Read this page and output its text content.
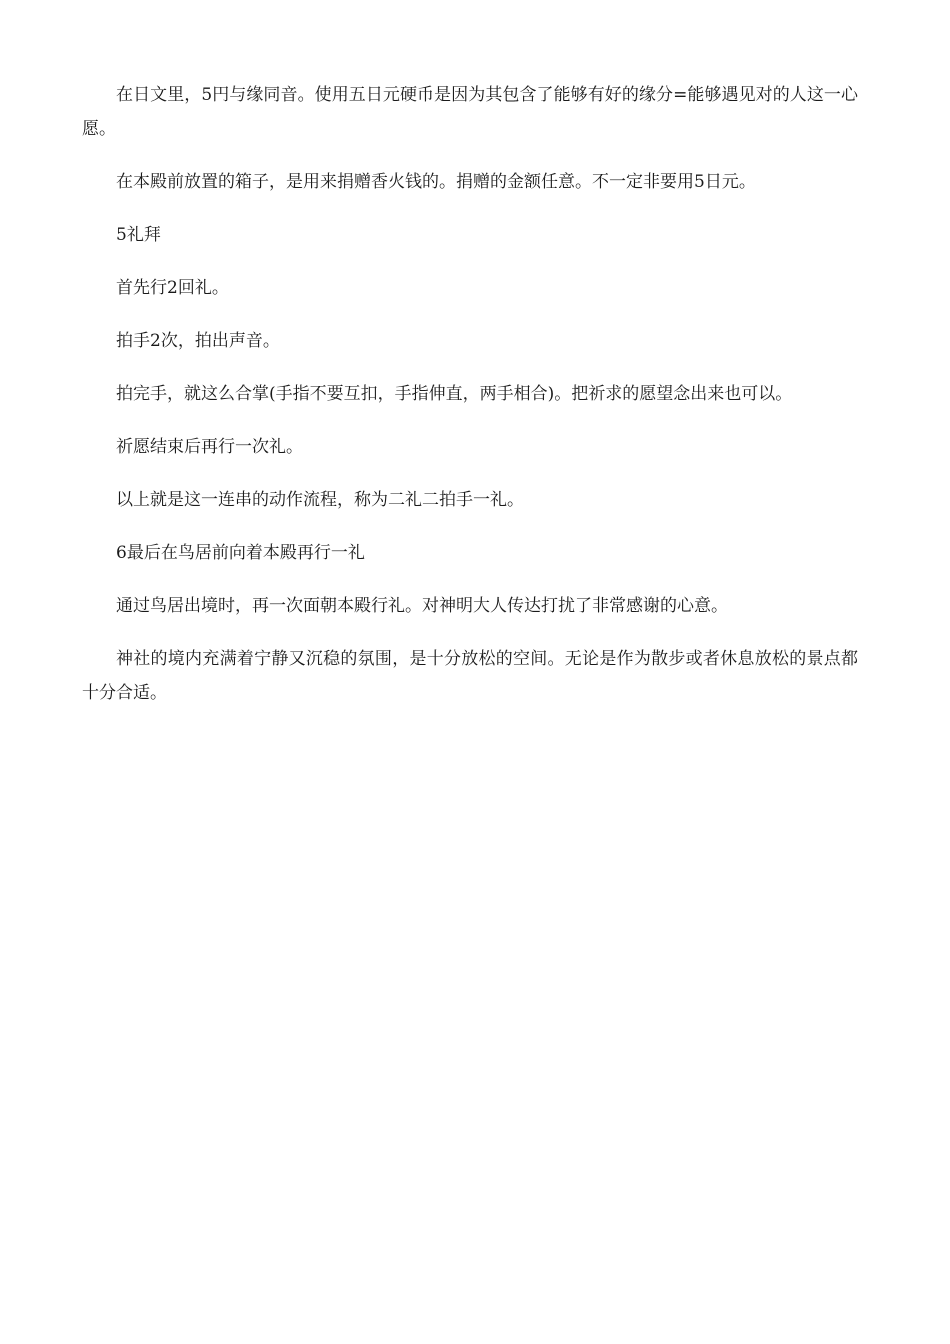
在日文里，5円与缘同音。使用五日元硬币是因为其包含了能够有好的缘分=能够遇见对的人这一心愿。

在本殿前放置的箱子，是用来捐赠香火钱的。捐赠的金额任意。不一定非要用5日元。

5礼拜

首先行2回礼。

拍手2次，拍出声音。

拍完手，就这么合掌(手指不要互扣，手指伸直，两手相合)。把祈求的愿望念出来也可以。

祈愿结束后再行一次礼。

以上就是这一连串的动作流程，称为二礼二拍手一礼。

6最后在鸟居前向着本殿再行一礼

通过鸟居出境时，再一次面朝本殿行礼。对神明大人传达打扰了非常感谢的心意。

神社的境内充满着宁静又沉稳的氛围，是十分放松的空间。无论是作为散步或者休息放松的景点都十分合适。
